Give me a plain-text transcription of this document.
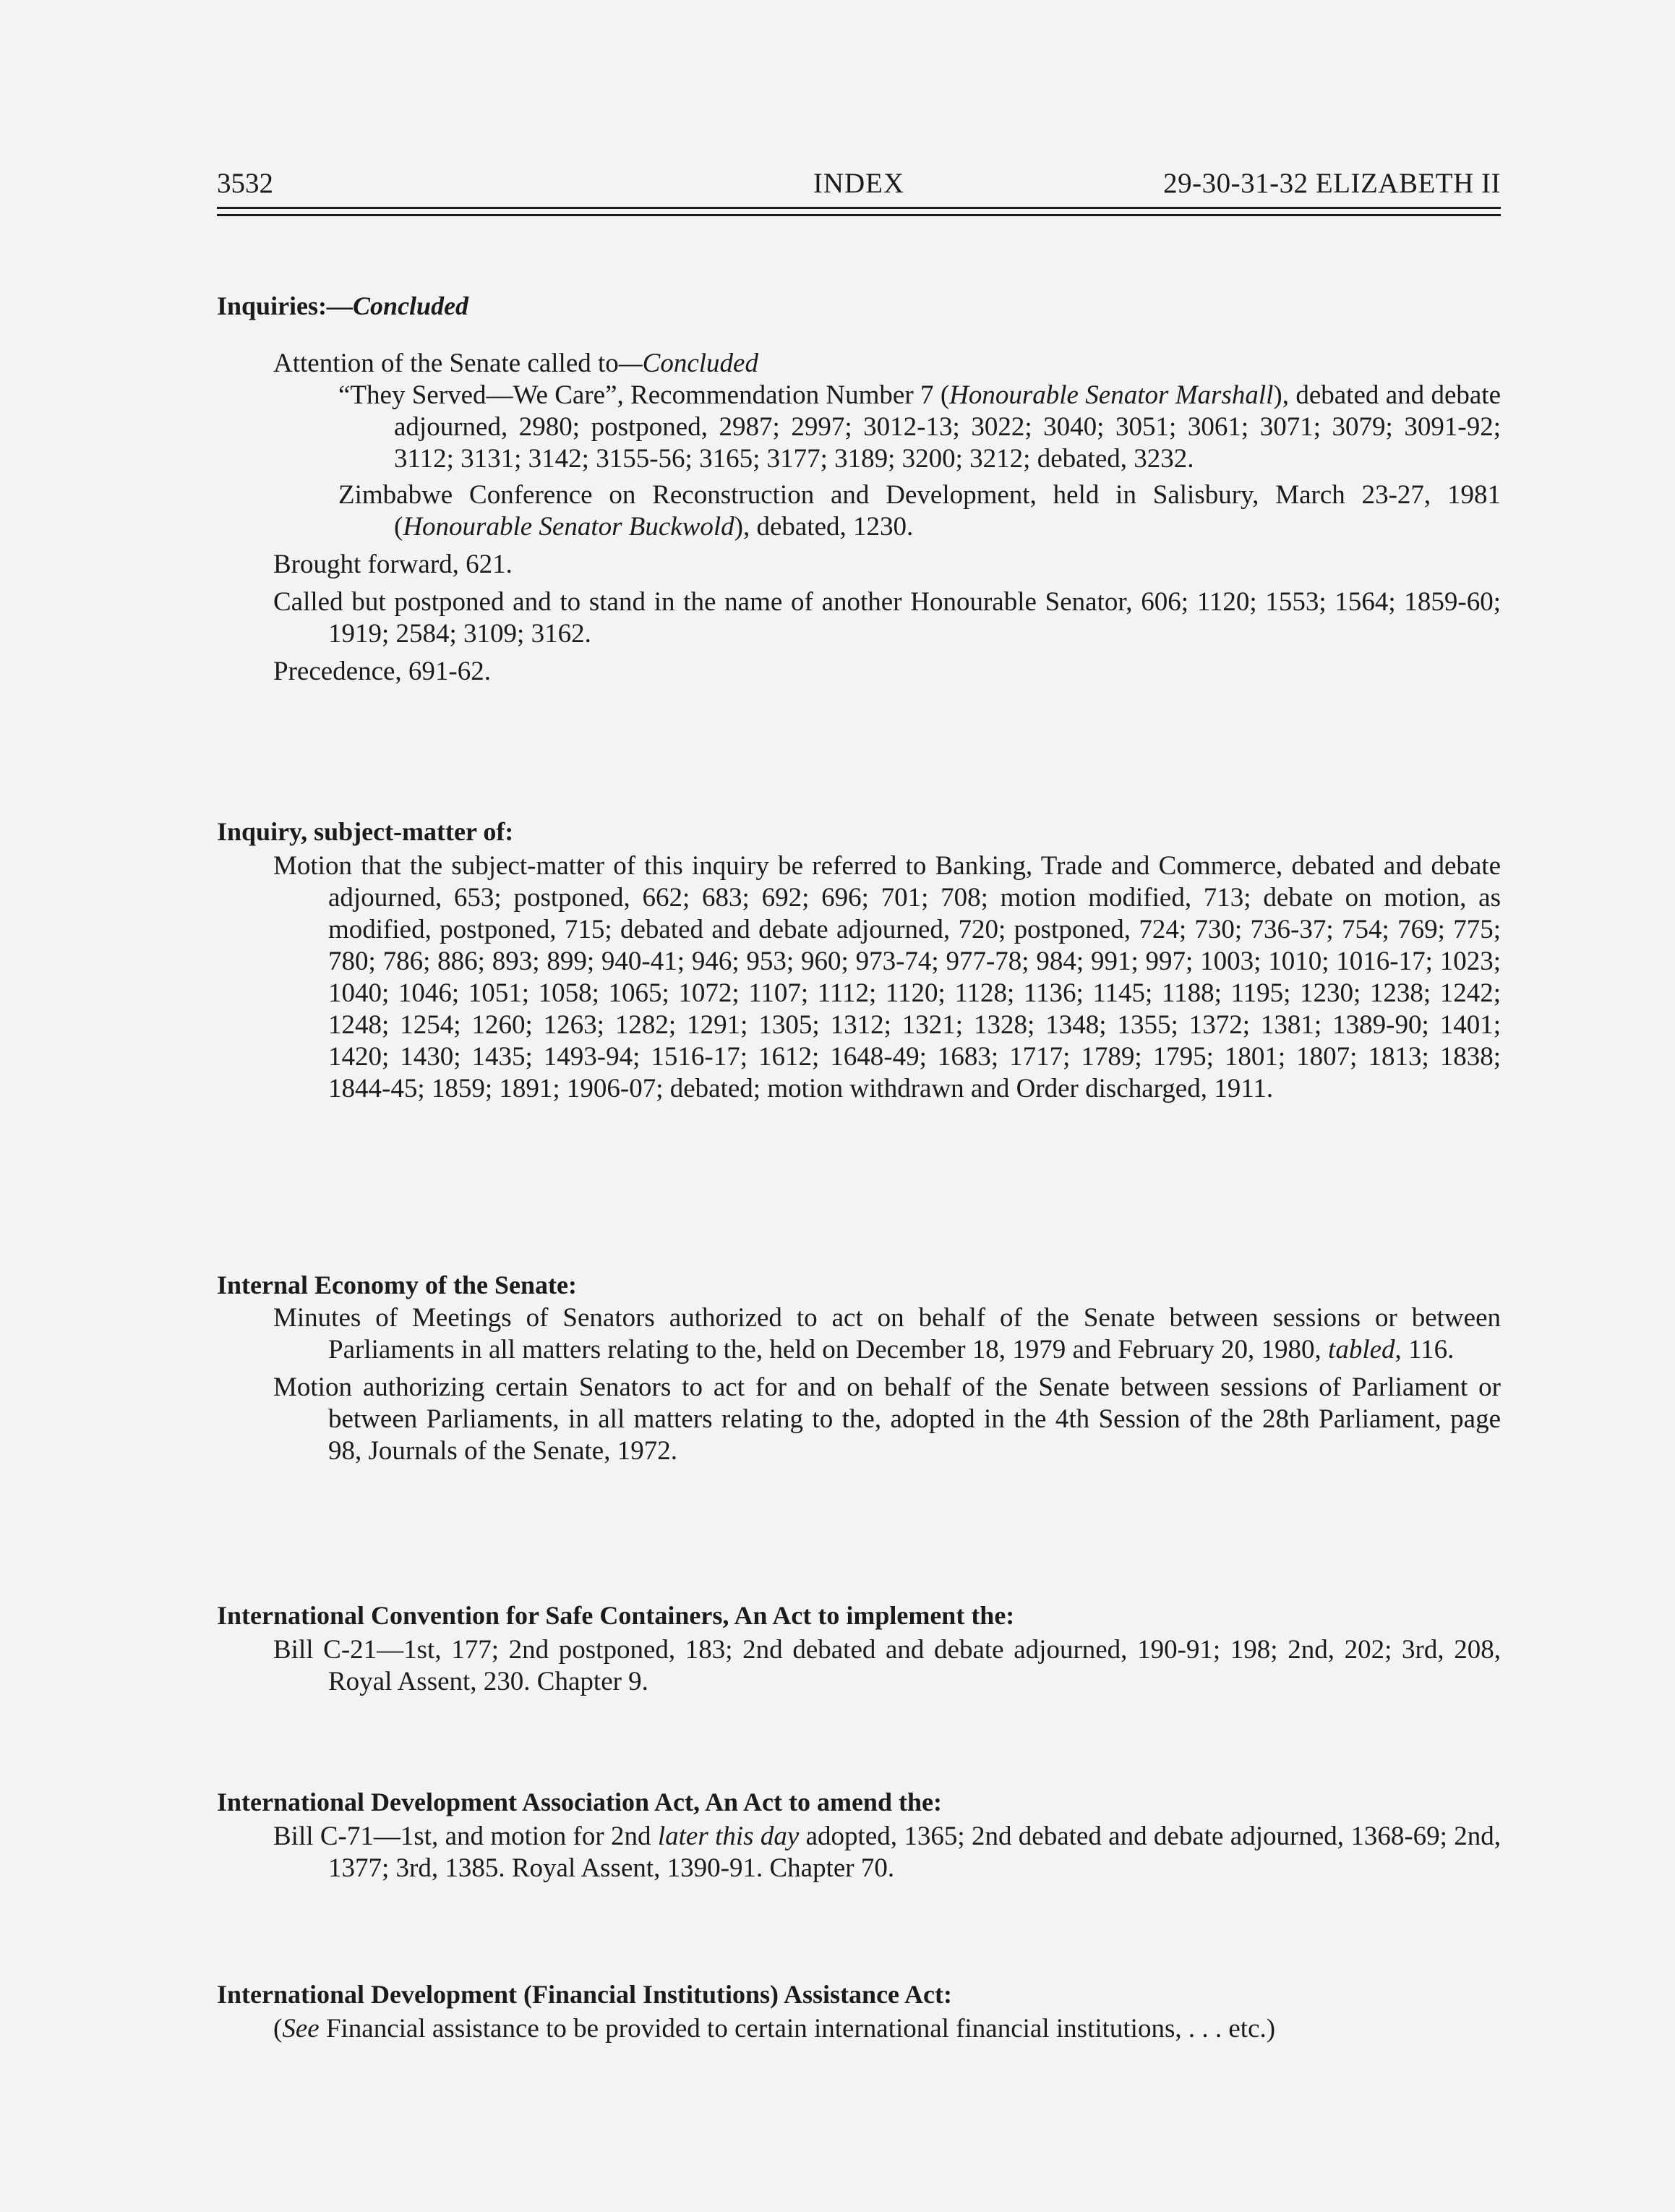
3532	INDEX	29-30-31-32 ELIZABETH II

Inquiries:—Concluded

Attention of the Senate called to—Concluded

“They Served—We Care”, Recommendation Number 7 (Honourable Senator Marshall), debated and debate adjourned, 2980; postponed, 2987; 2997; 3012-13; 3022; 3040; 3051; 3061; 3071; 3079; 3091-92; 3112; 3131; 3142; 3155-56; 3165; 3177; 3189; 3200; 3212; debated, 3232.

Zimbabwe Conference on Reconstruction and Development, held in Salisbury, March 23-27, 1981 (Honourable Senator Buckwold), debated, 1230.

Brought forward, 621.

Called but postponed and to stand in the name of another Honourable Senator, 606; 1120; 1553; 1564; 1859-60; 1919; 2584; 3109; 3162.

Precedence, 691-62.

Inquiry, subject-matter of:

Motion that the subject-matter of this inquiry be referred to Banking, Trade and Commerce, debated and debate adjourned, 653; postponed, 662; 683; 692; 696; 701; 708; motion modified, 713; debate on motion, as modified, postponed, 715; debated and debate adjourned, 720; postponed, 724; 730; 736-37; 754; 769; 775; 780; 786; 886; 893; 899; 940-41; 946; 953; 960; 973-74; 977-78; 984; 991; 997; 1003; 1010; 1016-17; 1023; 1040; 1046; 1051; 1058; 1065; 1072; 1107; 1112; 1120; 1128; 1136; 1145; 1188; 1195; 1230; 1238; 1242; 1248; 1254; 1260; 1263; 1282; 1291; 1305; 1312; 1321; 1328; 1348; 1355; 1372; 1381; 1389-90; 1401; 1420; 1430; 1435; 1493-94; 1516-17; 1612; 1648-49; 1683; 1717; 1789; 1795; 1801; 1807; 1813; 1838; 1844-45; 1859; 1891; 1906-07; debated; motion withdrawn and Order discharged, 1911.

Internal Economy of the Senate:

Minutes of Meetings of Senators authorized to act on behalf of the Senate between sessions or between Parliaments in all matters relating to the, held on December 18, 1979 and February 20, 1980, tabled, 116.

Motion authorizing certain Senators to act for and on behalf of the Senate between sessions of Parliament or between Parliaments, in all matters relating to the, adopted in the 4th Session of the 28th Parliament, page 98, Journals of the Senate, 1972.

International Convention for Safe Containers, An Act to implement the:

Bill C-21—1st, 177; 2nd postponed, 183; 2nd debated and debate adjourned, 190-91; 198; 2nd, 202; 3rd, 208, Royal Assent, 230. Chapter 9.

International Development Association Act, An Act to amend the:

Bill C-71—1st, and motion for 2nd later this day adopted, 1365; 2nd debated and debate adjourned, 1368-69; 2nd, 1377; 3rd, 1385. Royal Assent, 1390-91. Chapter 70.

International Development (Financial Institutions) Assistance Act:

(See Financial assistance to be provided to certain international financial institutions, . . . etc.)
